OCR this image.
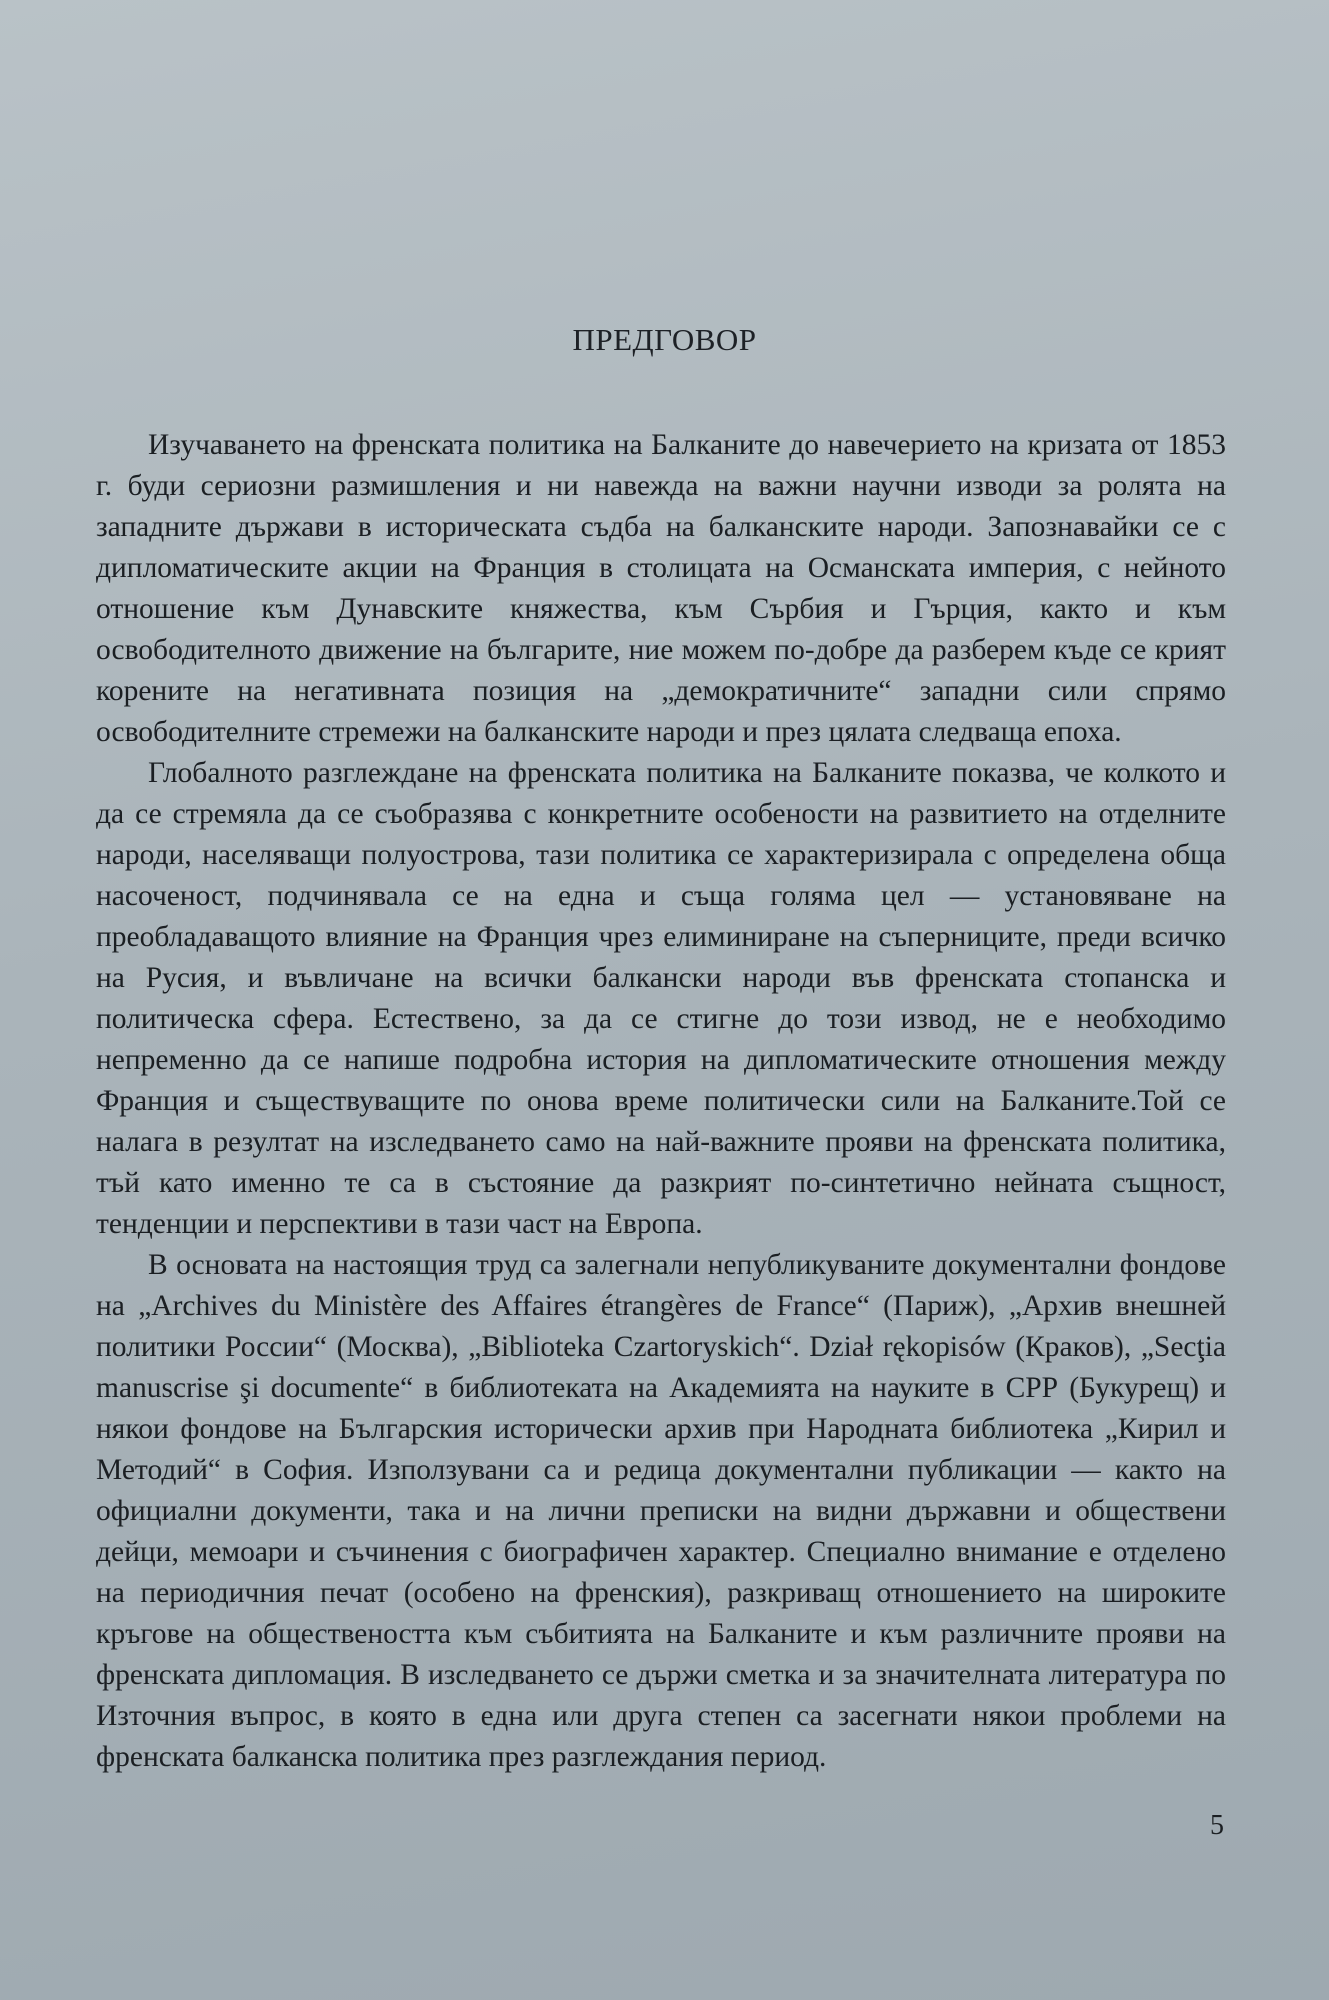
ПРЕДГОВОР

Изучаването на френската политика на Балканите до навечерието на кризата от 1853 г. буди сериозни размишления и ни навежда на важни научни изводи за ролята на западните държави в историческата съдба на балканските народи. Запознавайки се с дипломатическите акции на Франция в столицата на Османската империя, с нейното отношение към Дунавските княжества, към Сърбия и Гърция, както и към освободителното движение на българите, ние можем по-добре да разберем къде се крият корените на негативната позиция на „демократичните“ западни сили спрямо освободителните стремежи на балканските народи и през цялата следваща епоха.

Глобалното разглеждане на френската политика на Балканите показва, че колкото и да се стремяла да се съобразява с конкретните особености на развитието на отделните народи, населяващи полуострова, тази политика се характеризирала с определена обща насоченост, подчинявала се на една и съща голяма цел — установяване на преобладаващото влияние на Франция чрез елиминиране на съперниците, преди всичко на Русия, и въвличане на всички балкански народи във френската стопанска и политическа сфера. Естествено, за да се стигне до този извод, не е необходимо непременно да се напише подробна история на дипломатическите отношения между Франция и съществуващите по онова време политически сили на Балканите.Той се налага в резултат на изследването само на най-важните прояви на френската политика, тъй като именно те са в състояние да разкрият по-синтетично нейната същност, тенденции и перспективи в тази част на Европа.

В основата на настоящия труд са залегнали непубликуваните документални фондове на „Archives du Ministère des Affaires étrangères de France“ (Париж), „Архив внешней политики России“ (Москва), „Biblioteka Czartoryskich“. Dział rękopisów (Краков), „Secţia manuscrise şi documente“ в библиотеката на Академията на науките в СРР (Букурещ) и някои фондове на Българския исторически архив при Народната библиотека „Кирил и Методий“ в София. Използувани са и редица документални публикации — както на официални документи, така и на лични преписки на видни държавни и обществени дейци, мемоари и съчинения с биографичен характер. Специално внимание е отделено на периодичния печат (особено на френския), разкриващ отношението на широките кръгове на обществеността към събитията на Балканите и към различните прояви на френската дипломация. В изследването се държи сметка и за значителната литература по Източния въпрос, в която в една или друга степен са засегнати някои проблеми на френската балканска политика през разглеждания период.

5
